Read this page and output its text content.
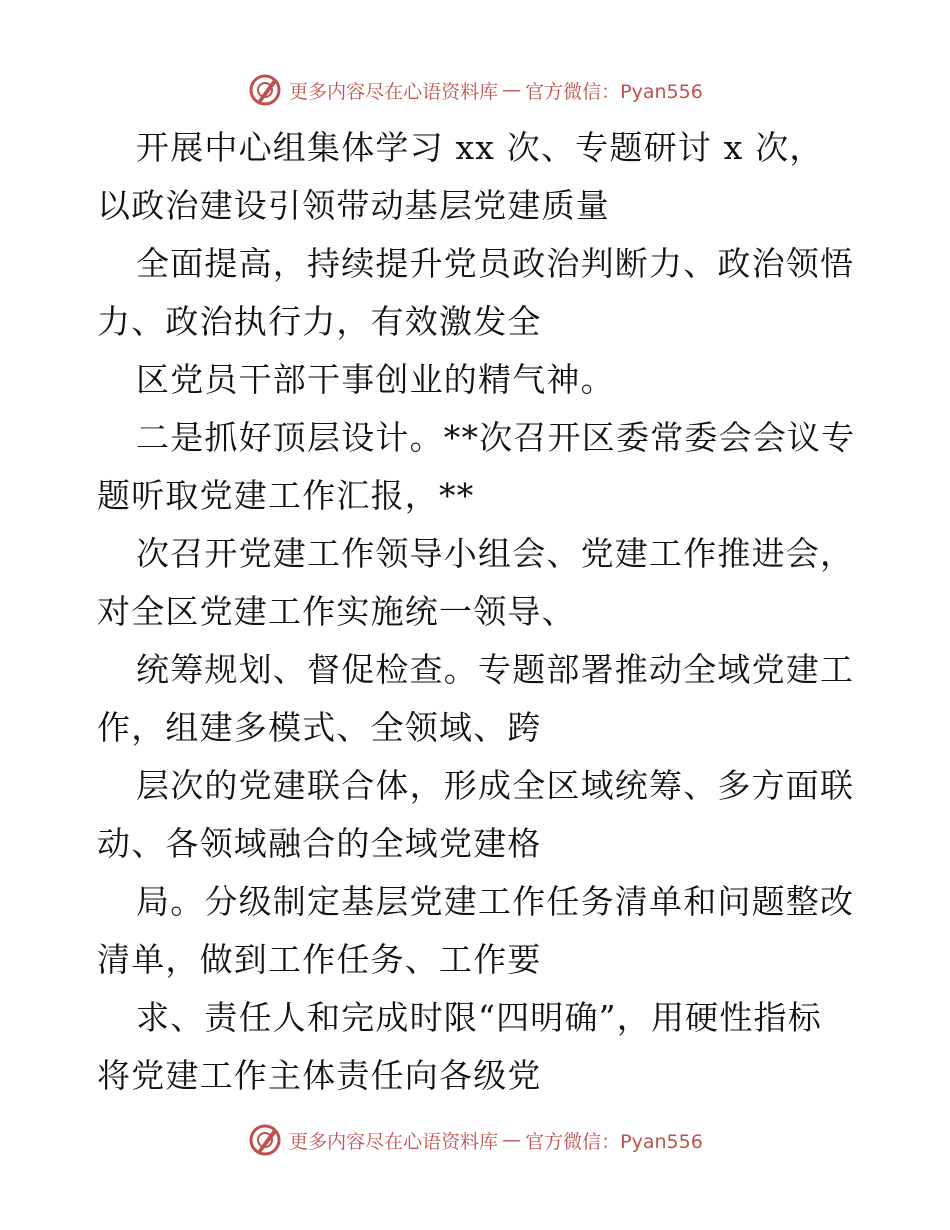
更多内容尽在心语资料库 — 官方微信：Pyan556
开展中心组集体学习 xx 次、专题研讨 x 次，
以政治建设引领带动基层党建质量
全面提高，持续提升党员政治判断力、政治领悟
力、政治执行力，有效激发全
区党员干部干事创业的精气神。
二是抓好顶层设计。**次召开区委常委会会议专
题听取党建工作汇报，**
次召开党建工作领导小组会、党建工作推进会，
对全区党建工作实施统一领导、
统筹规划、督促检查。专题部署推动全域党建工
作，组建多模式、全领域、跨
层次的党建联合体，形成全区域统筹、多方面联
动、各领域融合的全域党建格
局。分级制定基层党建工作任务清单和问题整改
清单，做到工作任务、工作要
求、责任人和完成时限“四明确”，用硬性指标
将党建工作主体责任向各级党
更多内容尽在心语资料库 — 官方微信：Pyan556
